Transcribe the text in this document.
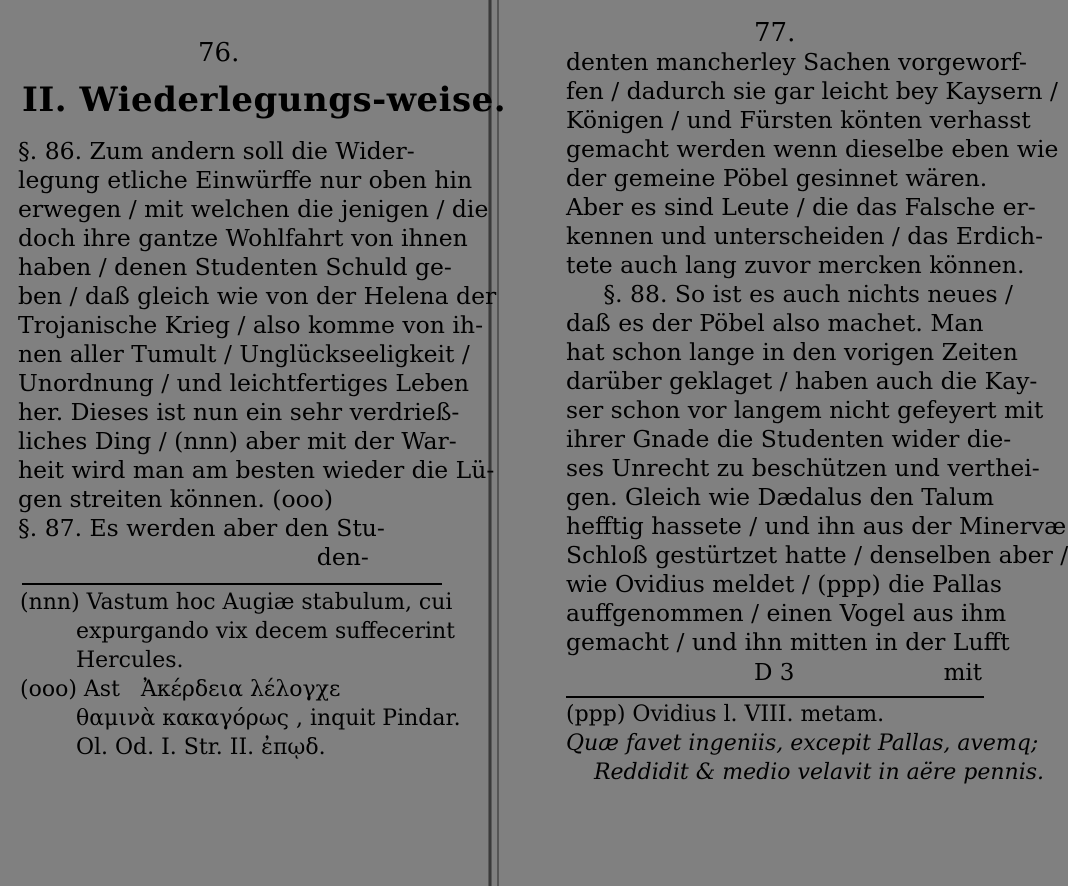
76.
II. Wiederlegungs-weise.
§. 86. Zum andern soll die Wider-
legung etliche Einwürffe nur oben hin
erwegen / mit welchen die jenigen / die
doch ihre gantze Wohlfahrt von ihnen
haben / denen Studenten Schuld ge-
ben / daß gleich wie von der Helena der
Trojanische Krieg / also komme von ih-
nen aller Tumult / Unglückseeligkeit /
Unordnung / und leichtfertiges Leben
her. Dieses ist nun ein sehr verdrieß-
liches Ding / (nnn) aber mit der War-
heit wird man am besten wieder die Lü-
gen streiten können. (ooo)
§. 87. Es werden aber den Stu-
den-
(nnn) Vastum hoc Augiæ stabulum, cui
expurgando vix decem suffecerint
Hercules.
(ooo) Ast   Ἀκέρδεια λέλογχε
θαμινὰ κακαγόρως , inquit Pindar.
Ol. Od. I. Str. II. ἐπῳδ.
77.
denten mancherley Sachen vorgeworf-
fen / dadurch sie gar leicht bey Kaysern /
Königen / und Fürsten könten verhasst
gemacht werden wenn dieselbe eben wie
der gemeine Pöbel gesinnet wären.
Aber es sind Leute / die das Falsche er-
kennen und unterscheiden / das Erdich-
tete auch lang zuvor mercken können.
§. 88. So ist es auch nichts neues /
daß es der Pöbel also machet. Man
hat schon lange in den vorigen Zeiten
darüber geklaget / haben auch die Kay-
ser schon vor langem nicht gefeyert mit
ihrer Gnade die Studenten wider die-
ses Unrecht zu beschützen und verthei-
gen. Gleich wie Dædalus den Talum
hefftig hassete / und ihn aus der Minervæ
Schloß gestürtzet hatte / denselben aber /
wie Ovidius meldet / (ppp) die Pallas
auffgenommen / einen Vogel aus ihm
gemacht / und ihn mitten in der Lufft
D 3	mit
(ppp) Ovidius l. VIII. metam.
Quæ favet ingeniis, excepit Pallas, avemq;
Reddidit & medio velavit in aëre pennis.
